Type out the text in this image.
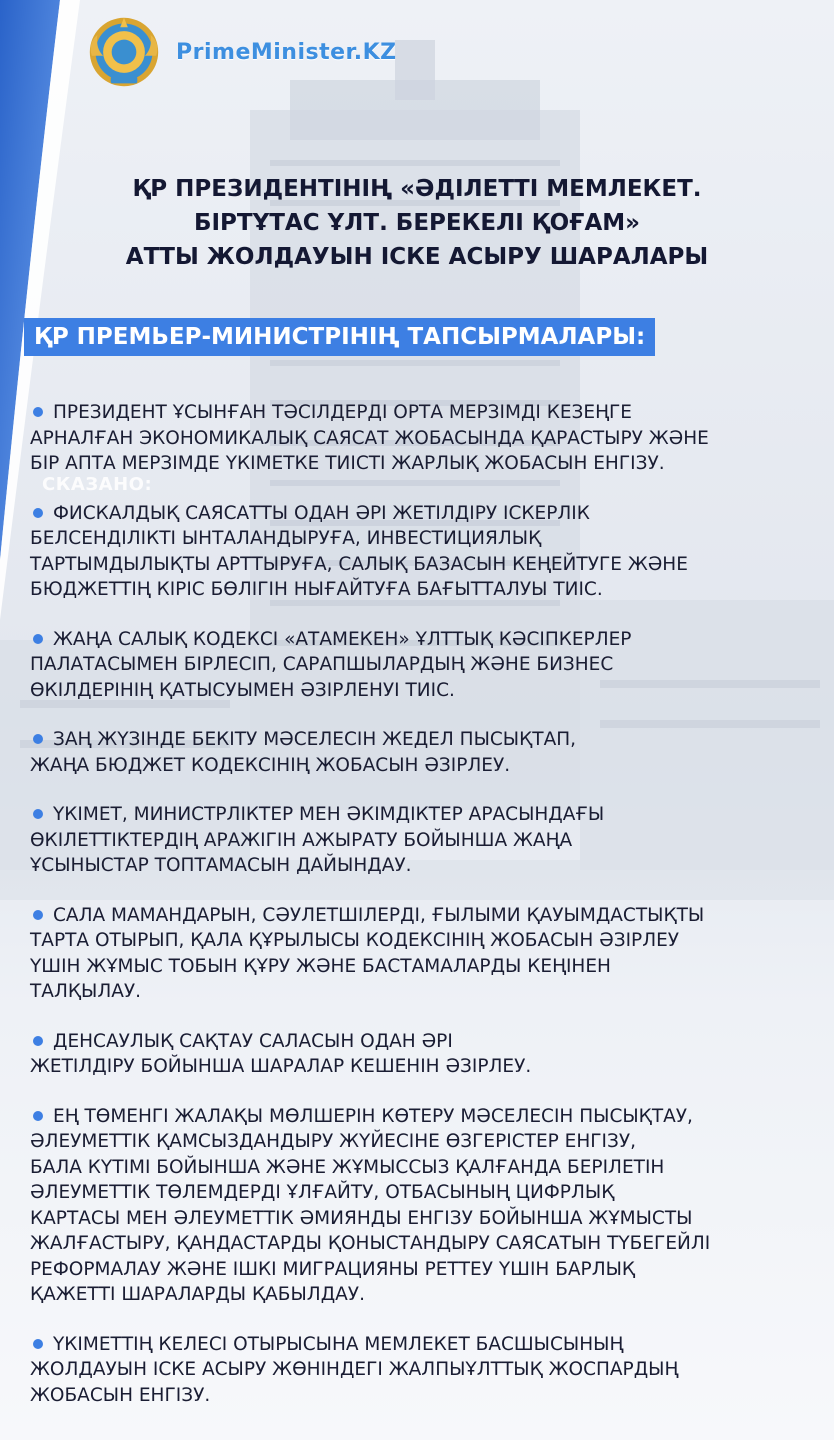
PrimeMinister.KZ
ҚР ПРЕЗИДЕНТІНІҢ «ӘДІЛЕТТІ МЕМЛЕКЕТ.
БІРТҰТАС ҰЛТ. БЕРЕКЕЛІ ҚОҒАМ»
АТТЫ ЖОЛДАУЫН ІСКЕ АСЫРУ ШАРАЛАРЫ
ҚР ПРЕМЬЕР-МИНИСТРІНІҢ ТАПСЫРМАЛАРЫ:
СКАЗАНО:
ПРЕЗИДЕНТ ҰСЫНҒАН ТӘСІЛДЕРДІ ОРТА МЕРЗІМДІ КЕЗЕҢГЕ
АРНАЛҒАН ЭКОНОМИКАЛЫҚ САЯСАТ ЖОБАСЫНДА ҚАРАСТЫРУ ЖӘНЕ
БІР АПТА МЕРЗІМДЕ ҮКІМЕТКЕ ТИІСТІ ЖАРЛЫҚ ЖОБАСЫН ЕНГІЗУ.
ФИСКАЛДЫҚ САЯСАТТЫ ОДАН ӘРІ ЖЕТІЛДІРУ ІСКЕРЛІК
БЕЛСЕНДІЛІКТІ ЫНТАЛАНДЫРУҒА, ИНВЕСТИЦИЯЛЫҚ
ТАРТЫМДЫЛЫҚТЫ АРТТЫРУҒА, САЛЫҚ БАЗАСЫН КЕҢЕЙТУГЕ ЖӘНЕ
БЮДЖЕТТІҢ КІРІС БӨЛІГІН НЫҒАЙТУҒА БАҒЫТТАЛУЫ ТИІС.
ЖАҢА САЛЫҚ КОДЕКСІ «АТАМЕКЕН» ҰЛТТЫҚ КӘСІПКЕРЛЕР
ПАЛАТАСЫМЕН БІРЛЕСІП, САРАПШЫЛАРДЫҢ ЖӘНЕ БИЗНЕС
ӨКІЛДЕРІНІҢ ҚАТЫСУЫМЕН ӘЗІРЛЕНУІ ТИІС.
ЗАҢ ЖҮЗІНДЕ БЕКІТУ МӘСЕЛЕСІН ЖЕДЕЛ ПЫСЫҚТАП,
ЖАҢА БЮДЖЕТ КОДЕКСІНІҢ ЖОБАСЫН ӘЗІРЛЕУ.
ҮКІМЕТ, МИНИСТРЛІКТЕР МЕН ӘКІМДІКТЕР АРАСЫНДАҒЫ
ӨКІЛЕТТІКТЕРДІҢ АРАЖІГІН АЖЫРАТУ БОЙЫНША ЖАҢА
ҰСЫНЫСТАР ТОПТАМАСЫН ДАЙЫНДАУ.
САЛА МАМАНДАРЫН, СӘУЛЕТШІЛЕРДІ, ҒЫЛЫМИ ҚАУЫМДАСТЫҚТЫ
ТАРТА ОТЫРЫП, ҚАЛА ҚҰРЫЛЫСЫ КОДЕКСІНІҢ ЖОБАСЫН ӘЗІРЛЕУ
ҮШІН ЖҰМЫС ТОБЫН ҚҰРУ ЖӘНЕ БАСТАМАЛАРДЫ КЕҢІНЕН
ТАЛҚЫЛАУ.
ДЕНСАУЛЫҚ САҚТАУ САЛАСЫН ОДАН ӘРІ
ЖЕТІЛДІРУ БОЙЫНША ШАРАЛАР КЕШЕНІН ӘЗІРЛЕУ.
ЕҢ ТӨМЕНГІ ЖАЛАҚЫ МӨЛШЕРІН КӨТЕРУ МӘСЕЛЕСІН ПЫСЫҚТАУ,
ӘЛЕУМЕТТІК ҚАМСЫЗДАНДЫРУ ЖҮЙЕСІНЕ ӨЗГЕРІСТЕР ЕНГІЗУ,
БАЛА КҮТІМІ БОЙЫНША ЖӘНЕ ЖҰМЫССЫЗ ҚАЛҒАНДА БЕРІЛЕТІН
ӘЛЕУМЕТТІК ТӨЛЕМДЕРДІ ҰЛҒАЙТУ, ОТБАСЫНЫҢ ЦИФРЛЫҚ
КАРТАСЫ МЕН ӘЛЕУМЕТТІК ӘМИЯНДЫ ЕНГІЗУ БОЙЫНША ЖҰМЫСТЫ
ЖАЛҒАСТЫРУ, ҚАНДАСТАРДЫ ҚОНЫСТАНДЫРУ САЯСАТЫН ТҮБЕГЕЙЛІ
РЕФОРМАЛАУ ЖӘНЕ ІШКІ МИГРАЦИЯНЫ РЕТТЕУ ҮШІН БАРЛЫҚ
ҚАЖЕТТІ ШАРАЛАРДЫ ҚАБЫЛДАУ.
ҮКІМЕТТІҢ КЕЛЕСІ ОТЫРЫСЫНА МЕМЛЕКЕТ БАСШЫСЫНЫҢ
ЖОЛДАУЫН ІСКЕ АСЫРУ ЖӨНІНДЕГІ ЖАЛПЫҰЛТТЫҚ ЖОСПАРДЫҢ
ЖОБАСЫН ЕНГІЗУ.
